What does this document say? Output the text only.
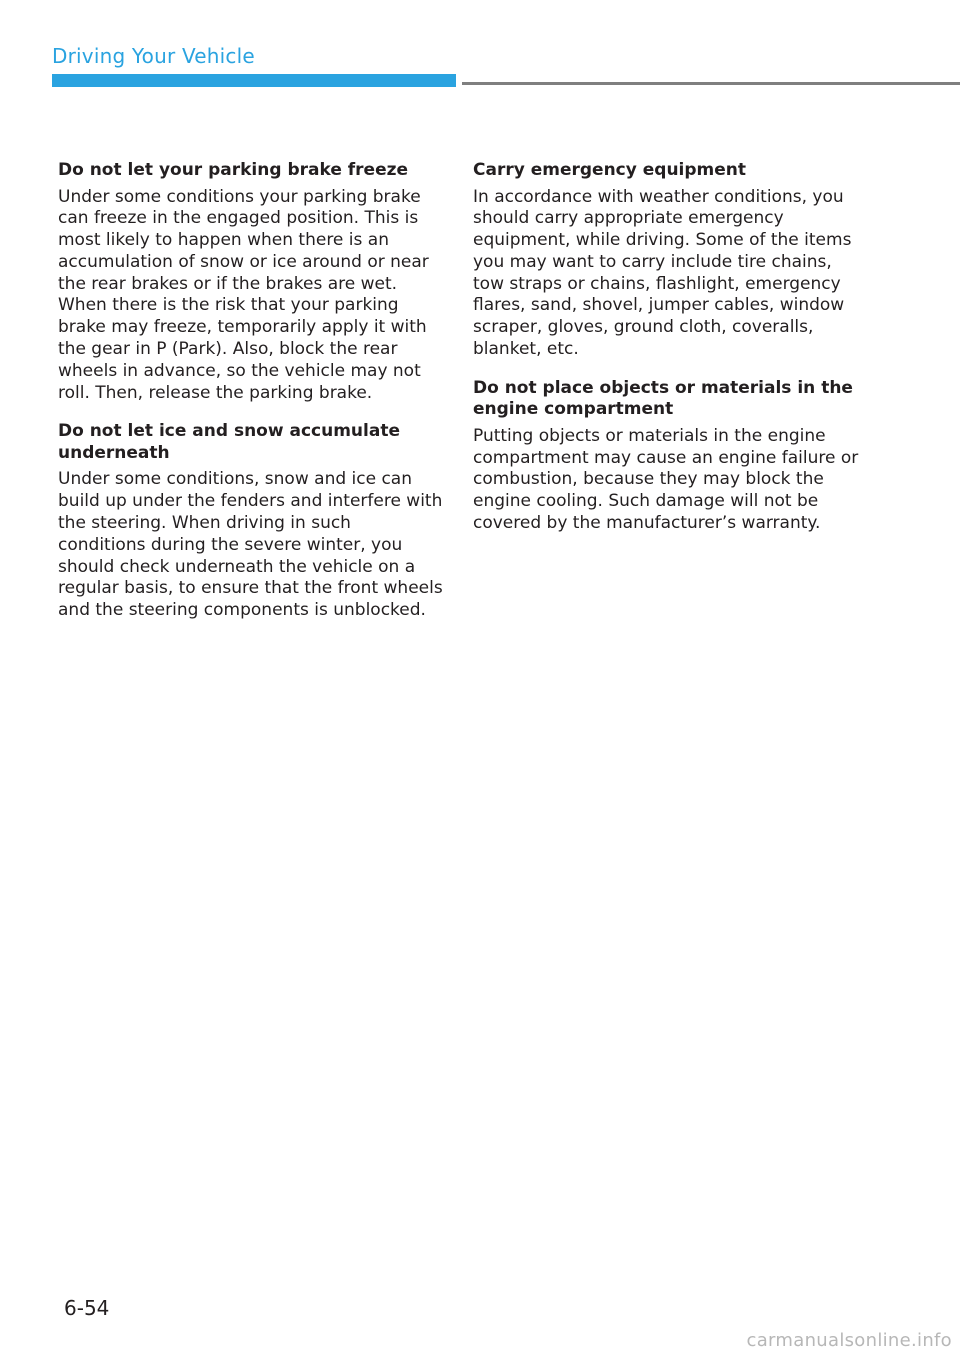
Driving Your Vehicle

Do not let your parking brake freeze

Under some conditions your parking brake can freeze in the engaged position. This is most likely to happen when there is an accumulation of snow or ice around or near the rear brakes or if the brakes are wet. When there is the risk that your parking brake may freeze, temporarily apply it with the gear in P (Park). Also, block the rear wheels in advance, so the vehicle may not roll. Then, release the parking brake.

Do not let ice and snow accumulate underneath

Under some conditions, snow and ice can build up under the fenders and interfere with the steering. When driving in such conditions during the severe winter, you should check underneath the vehicle on a regular basis, to ensure that the front wheels and the steering components is unblocked.

Carry emergency equipment

In accordance with weather conditions, you should carry appropriate emergency equipment, while driving. Some of the items you may want to carry include tire chains, tow straps or chains, flashlight, emergency flares, sand, shovel, jumper cables, window scraper, gloves, ground cloth, coveralls, blanket, etc.

Do not place objects or materials in the engine compartment

Putting objects or materials in the engine compartment may cause an engine failure or combustion, because they may block the engine cooling. Such damage will not be covered by the manufacturer’s warranty.

6-54
carmanualsonline.info
